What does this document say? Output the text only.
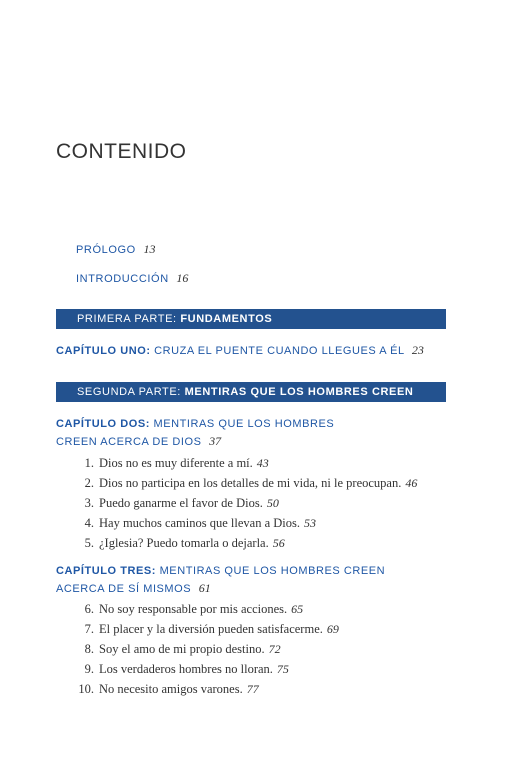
CONTENIDO
PRÓLOGO 13
INTRODUCCIÓN 16
PRIMERA PARTE: FUNDAMENTOS
CAPÍTULO UNO: CRUZA EL PUENTE CUANDO LLEGUES A ÉL 23
SEGUNDA PARTE: MENTIRAS QUE LOS HOMBRES CREEN
CAPÍTULO DOS: MENTIRAS QUE LOS HOMBRES
CREEN ACERCA DE DIOS 37
1. Dios no es muy diferente a mí. 43
2. Dios no participa en los detalles de mi vida, ni le preocupan. 46
3. Puedo ganarme el favor de Dios. 50
4. Hay muchos caminos que llevan a Dios. 53
5. ¿Iglesia? Puedo tomarla o dejarla. 56
CAPÍTULO TRES: MENTIRAS QUE LOS HOMBRES CREEN
ACERCA DE SÍ MISMOS 61
6. No soy responsable por mis acciones. 65
7. El placer y la diversión pueden satisfacerme. 69
8. Soy el amo de mi propio destino. 72
9. Los verdaderos hombres no lloran. 75
10. No necesito amigos varones. 77
